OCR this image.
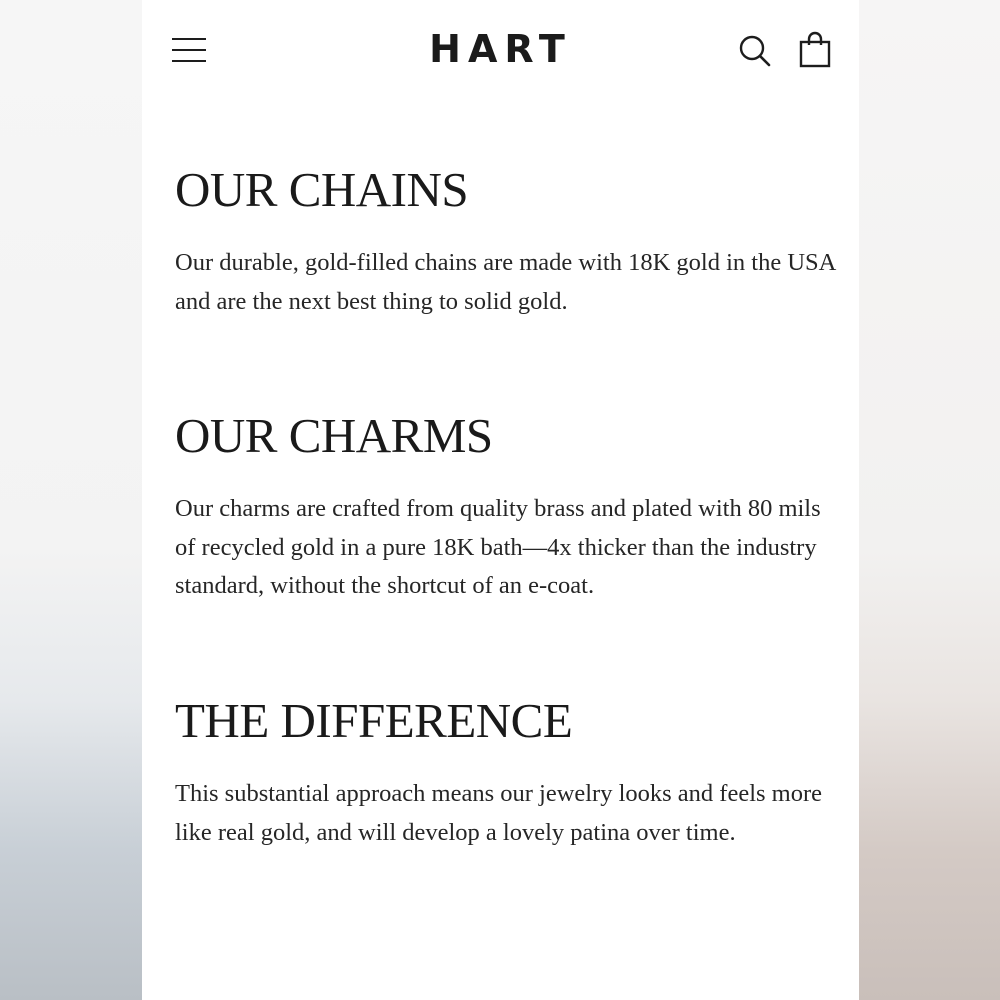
HART
OUR CHAINS

Our durable, gold-filled chains are made with 18K gold in the USA and are the next best thing to solid gold.

OUR CHARMS

Our charms are crafted from quality brass and plated with 80 mils of recycled gold in a pure 18K bath—4x thicker than the industry standard, without the shortcut of an e-coat.

THE DIFFERENCE

This substantial approach means our jewelry looks and feels more like real gold, and will develop a lovely patina over time.
